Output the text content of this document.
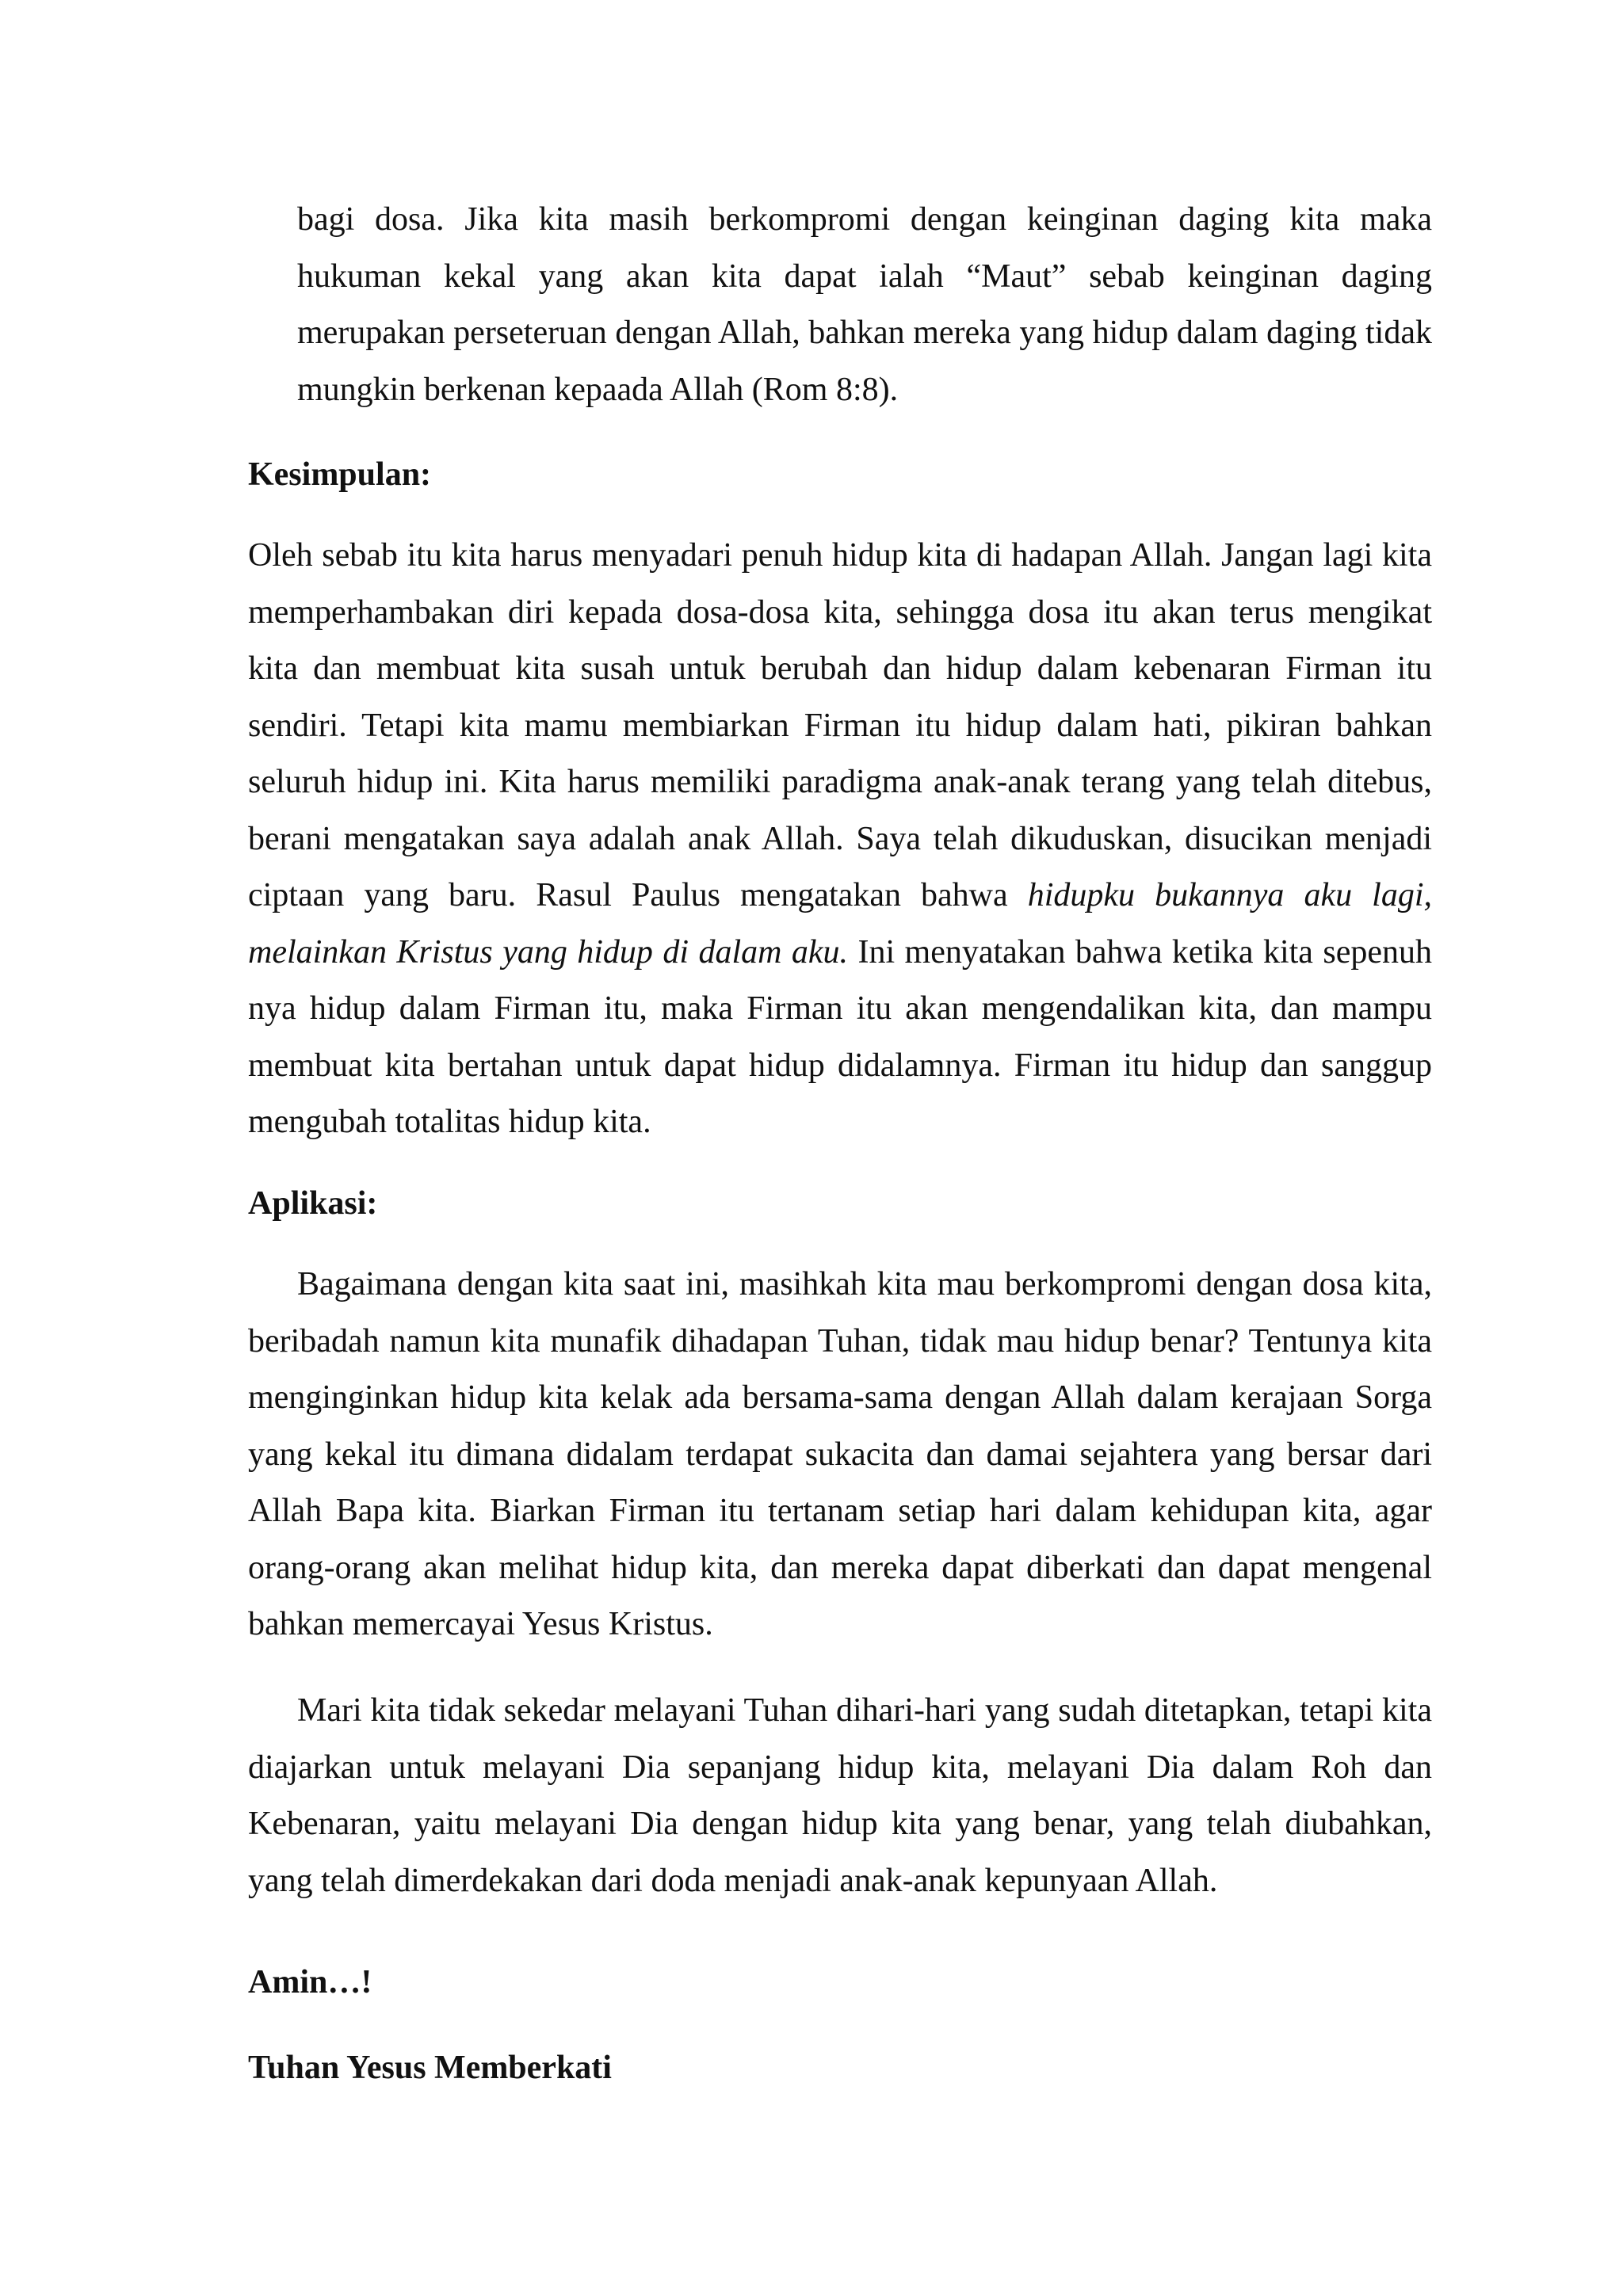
bagi dosa. Jika kita masih berkompromi dengan keinginan daging kita maka hukuman kekal yang akan kita dapat ialah “Maut” sebab keinginan daging merupakan perseteruan dengan Allah, bahkan mereka yang hidup dalam daging tidak mungkin berkenan kepaada Allah (Rom 8:8).

Kesimpulan:

Oleh sebab itu kita harus menyadari penuh hidup kita di hadapan Allah. Jangan lagi kita memperhambakan diri kepada dosa-dosa kita, sehingga dosa itu akan terus mengikat kita dan membuat kita susah untuk berubah dan hidup dalam kebenaran Firman itu sendiri. Tetapi kita mamu membiarkan Firman itu hidup dalam hati, pikiran bahkan seluruh hidup ini. Kita harus memiliki paradigma anak-anak terang yang telah ditebus, berani mengatakan saya adalah anak Allah. Saya telah dikuduskan, disucikan menjadi ciptaan yang baru. Rasul Paulus mengatakan bahwa hidupku bukannya aku lagi, melainkan Kristus yang hidup di dalam aku. Ini menyatakan bahwa ketika kita sepenuh nya hidup dalam Firman itu, maka Firman itu akan mengendalikan kita, dan mampu membuat kita bertahan untuk dapat hidup didalamnya. Firman itu hidup dan sanggup mengubah totalitas hidup kita.

Aplikasi:

Bagaimana dengan kita saat ini, masihkah kita mau berkompromi dengan dosa kita, beribadah namun kita munafik dihadapan Tuhan, tidak mau hidup benar? Tentunya kita menginginkan hidup kita kelak ada bersama-sama dengan Allah dalam kerajaan Sorga yang kekal itu dimana didalam terdapat sukacita dan damai sejahtera yang bersar dari Allah Bapa kita. Biarkan Firman itu tertanam setiap hari dalam kehidupan kita, agar orang-orang akan melihat hidup kita, dan mereka dapat diberkati dan dapat mengenal bahkan memercayai Yesus Kristus.

Mari kita tidak sekedar melayani Tuhan dihari-hari yang sudah ditetapkan, tetapi kita diajarkan untuk melayani Dia sepanjang hidup kita, melayani Dia dalam Roh dan Kebenaran, yaitu melayani Dia dengan hidup kita yang benar, yang telah diubahkan, yang telah dimerdekakan dari doda menjadi anak-anak kepunyaan Allah.

Amin…!

Tuhan Yesus Memberkati
